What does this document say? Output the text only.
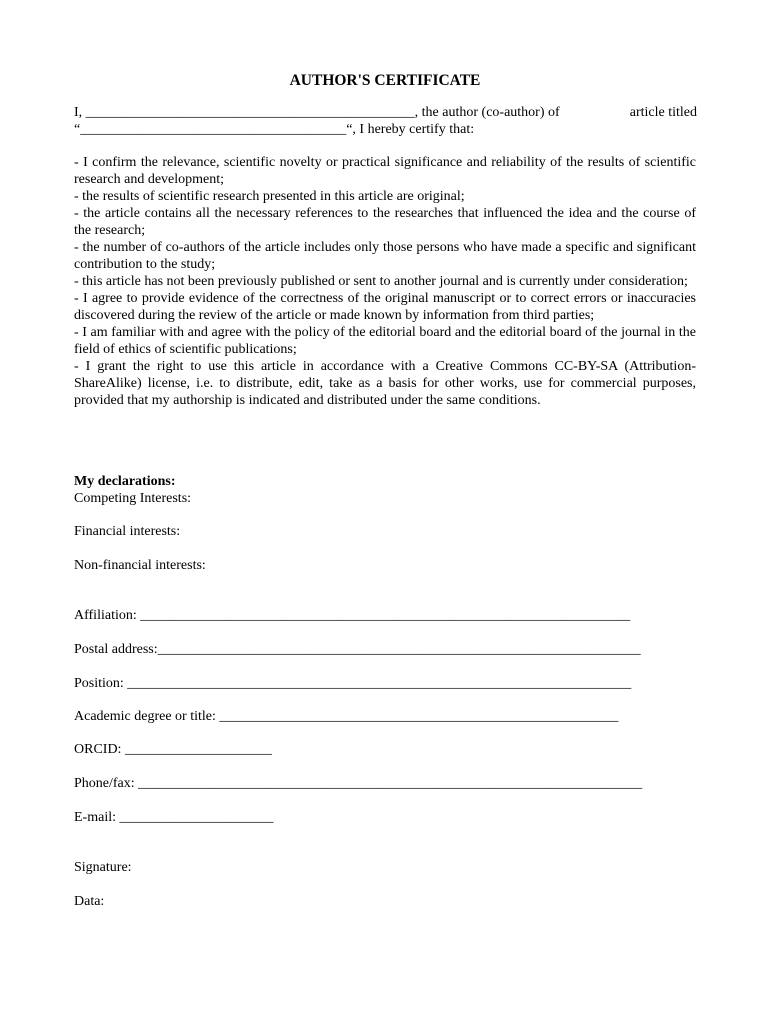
AUTHOR'S CERTIFICATE
I, _______________________________________________, the author (co-author) of	article titled
“______________________________________“, I hereby certify that:

- I confirm the relevance, scientific novelty or practical significance and reliability of the results of scientific research and development;

- the results of scientific research presented in this article are original;

- the article contains all the necessary references to the researches that influenced the idea and the course of the research;

- the number of co-authors of the article includes only those persons who have made a specific and significant contribution to the study;

- this article has not been previously published or sent to another journal and is currently under consideration;

- I agree to provide evidence of the correctness of the original manuscript or to correct errors or inaccuracies discovered during the review of the article or made known by information from third parties;

- I am familiar with and agree with the policy of the editorial board and the editorial board of the journal in the field of ethics of scientific publications;

- I grant the right to use this article in accordance with a Creative Commons CC-BY-SA (Attribution-ShareAlike) license, i.e. to distribute, edit, take as a basis for other works, use for commercial purposes, provided that my authorship is indicated and distributed under the same conditions.

My declarations:
Competing Interests:
Financial interests:
Non-financial interests:
Affiliation: ______________________________________________________________________
Postal address:_____________________________________________________________________
Position: ________________________________________________________________________
Academic degree or title: _________________________________________________________
ORCID: _____________________
Phone/fax: ________________________________________________________________________
E-mail: ______________________
Signature:
Data:
